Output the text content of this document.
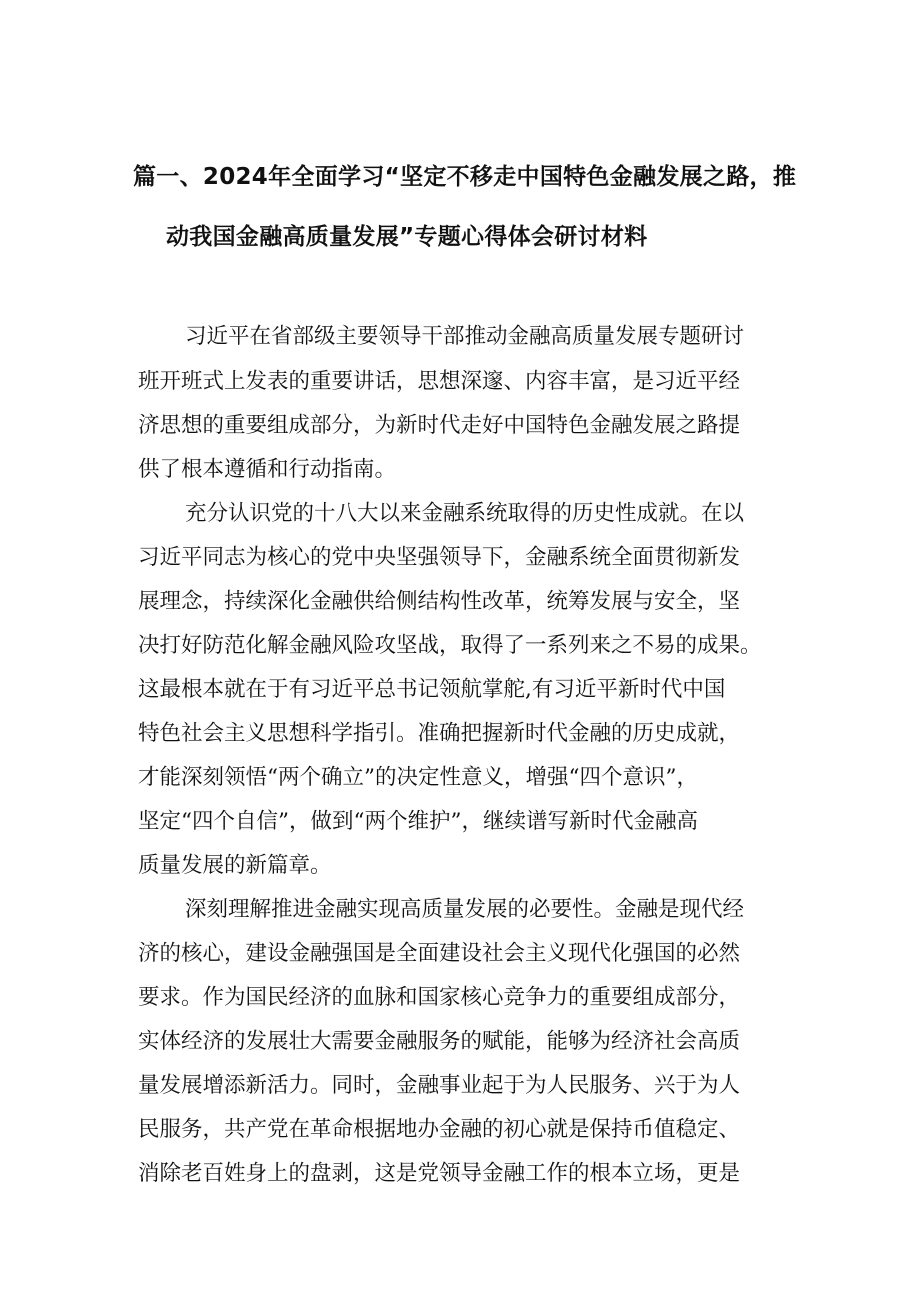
篇一、2024年全面学习“坚定不移走中国特色金融发展之路，推
动我国金融高质量发展”专题心得体会研讨材料
习近平在省部级主要领导干部推动金融高质量发展专题研讨
班开班式上发表的重要讲话，思想深邃、内容丰富，是习近平经
济思想的重要组成部分，为新时代走好中国特色金融发展之路提
供了根本遵循和行动指南。
充分认识党的十八大以来金融系统取得的历史性成就。在以
习近平同志为核心的党中央坚强领导下，金融系统全面贯彻新发
展理念，持续深化金融供给侧结构性改革，统筹发展与安全，坚
决打好防范化解金融风险攻坚战，取得了一系列来之不易的成果。
这最根本就在于有习近平总书记领航掌舵,有习近平新时代中国
特色社会主义思想科学指引。准确把握新时代金融的历史成就，
才能深刻领悟“两个确立”的决定性意义，增强“四个意识”，
坚定“四个自信”，做到“两个维护”，继续谱写新时代金融高
质量发展的新篇章。
深刻理解推进金融实现高质量发展的必要性。金融是现代经
济的核心，建设金融强国是全面建设社会主义现代化强国的必然
要求。作为国民经济的血脉和国家核心竞争力的重要组成部分，
实体经济的发展壮大需要金融服务的赋能，能够为经济社会高质
量发展增添新活力。同时，金融事业起于为人民服务、兴于为人
民服务，共产党在革命根据地办金融的初心就是保持币值稳定、
消除老百姓身上的盘剥，这是党领导金融工作的根本立场，更是
